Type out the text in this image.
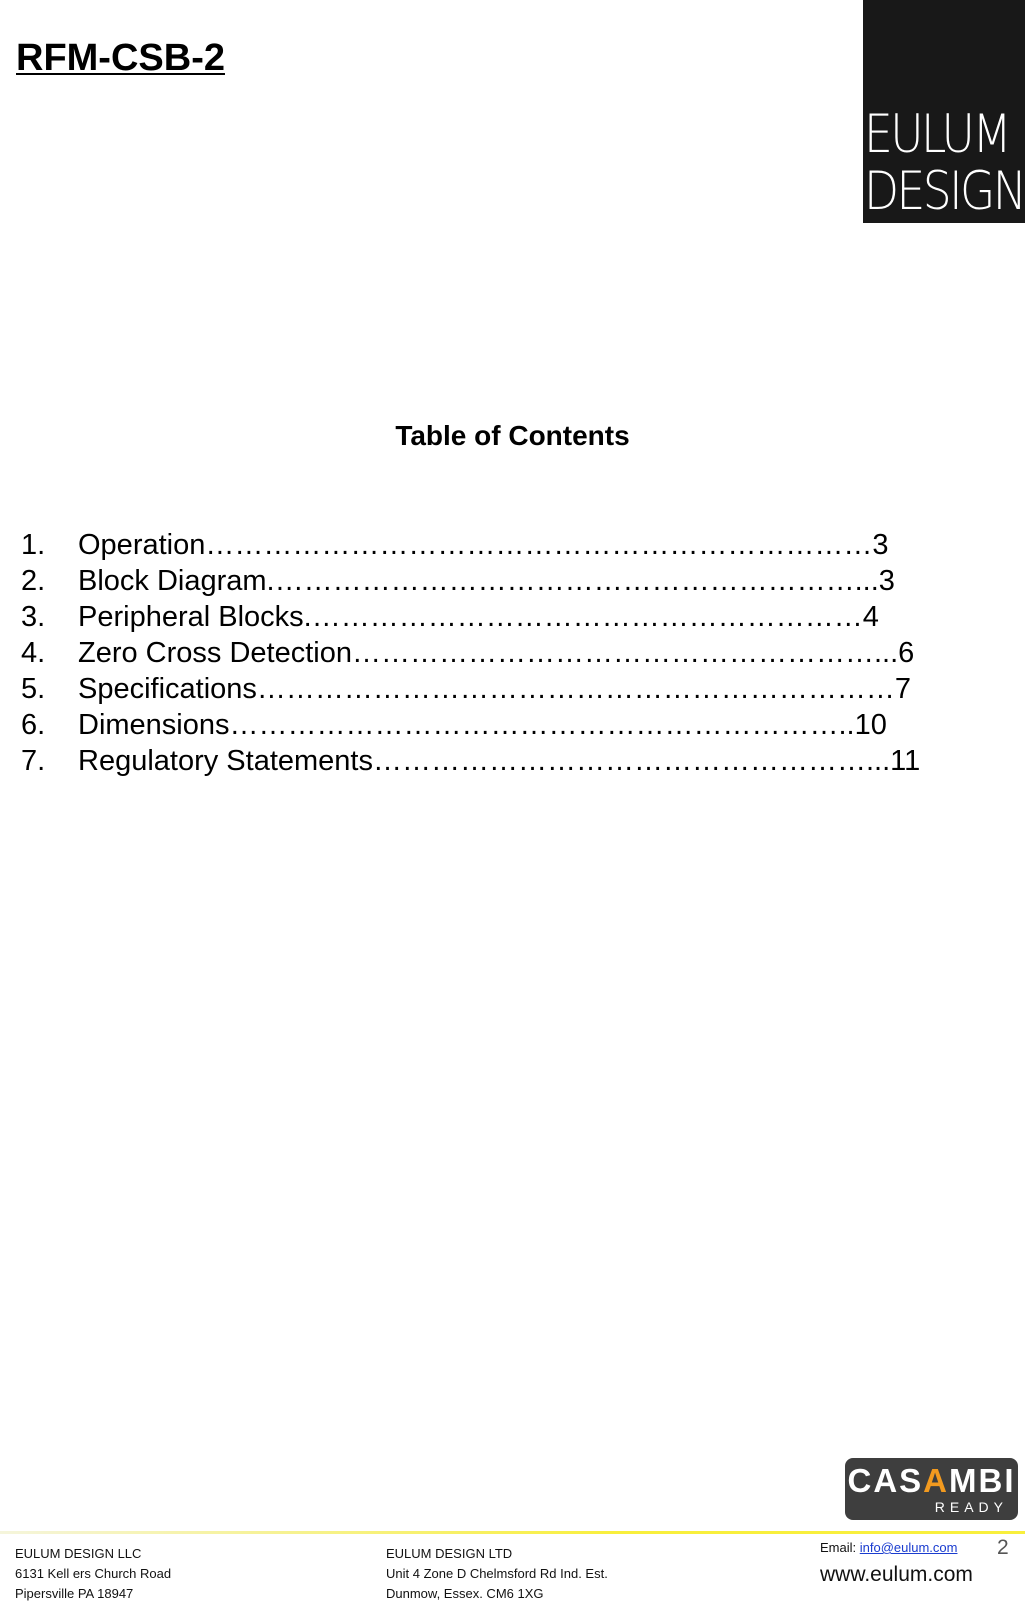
RFM-CSB-2
EULUM
DESIGN
Table of Contents
1. Operation……………………………………………………………3
2. Block Diagram.……………………………………………………...3
3. Peripheral Blocks.…………………………………………………4
4. Zero Cross Detection………………………………………………...6
5. Specifications…………………………………………………………7
6. Dimensions………………………………………………………..10
7. Regulatory Statements……………………………………………...11
CASAMBI
READY
EULUM DESIGN LLC
6131 Kell ers Church Road
Pipersville PA 18947
EULUM DESIGN LTD
Unit 4 Zone D Chelmsford Rd Ind. Est.
Dunmow, Essex. CM6 1XG
Email: info@eulum.com
www.eulum.com
2
